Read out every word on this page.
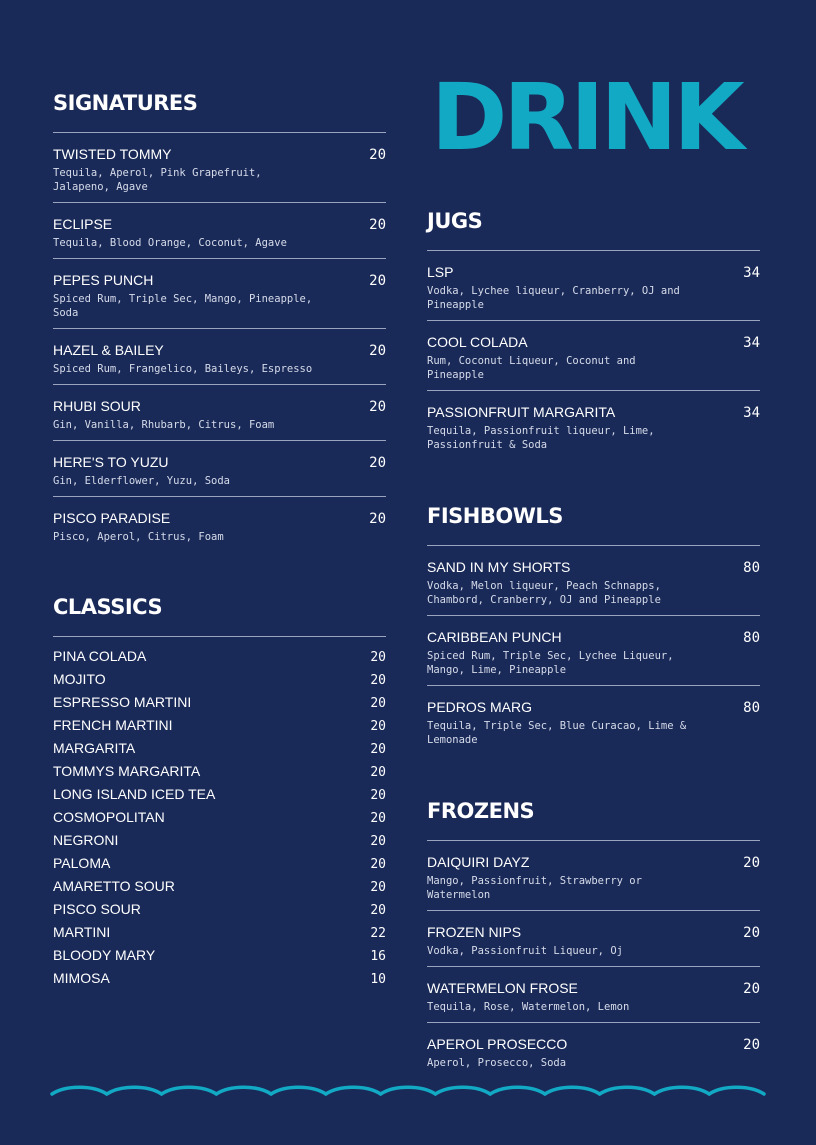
DRINK
SIGNATURES
TWISTED TOMMY	20
Tequila, Aperol, Pink Grapefruit, Jalapeno, Agave
ECLIPSE	20
Tequila, Blood Orange, Coconut, Agave
PEPES PUNCH	20
Spiced Rum, Triple Sec, Mango, Pineapple, Soda
HAZEL & BAILEY	20
Spiced Rum, Frangelico, Baileys, Espresso
RHUBI SOUR	20
Gin, Vanilla, Rhubarb, Citrus, Foam
HERE'S TO YUZU	20
Gin, Elderflower, Yuzu, Soda
PISCO PARADISE	20
Pisco, Aperol, Citrus, Foam
CLASSICS
PINA COLADA	20
MOJITO	20
ESPRESSO MARTINI	20
FRENCH MARTINI	20
MARGARITA	20
TOMMYS MARGARITA	20
LONG ISLAND ICED TEA	20
COSMOPOLITAN	20
NEGRONI	20
PALOMA	20
AMARETTO SOUR	20
PISCO SOUR	20
MARTINI	22
BLOODY MARY	16
MIMOSA	10
JUGS
LSP	34
Vodka, Lychee liqueur, Cranberry, OJ and Pineapple
COOL COLADA	34
Rum, Coconut Liqueur, Coconut and Pineapple
PASSIONFRUIT MARGARITA	34
Tequila, Passionfruit liqueur, Lime, Passionfruit & Soda
FISHBOWLS
SAND IN MY SHORTS	80
Vodka, Melon liqueur, Peach Schnapps, Chambord, Cranberry, OJ and Pineapple
CARIBBEAN PUNCH	80
Spiced Rum, Triple Sec, Lychee Liqueur, Mango, Lime, Pineapple
PEDROS MARG	80
Tequila, Triple Sec, Blue Curacao, Lime & Lemonade
FROZENS
DAIQUIRI DAYZ	20
Mango, Passionfruit, Strawberry or Watermelon
FROZEN NIPS	20
Vodka, Passionfruit Liqueur, Oj
WATERMELON FROSE	20
Tequila, Rose, Watermelon, Lemon
APEROL PROSECCO	20
Aperol, Prosecco, Soda
